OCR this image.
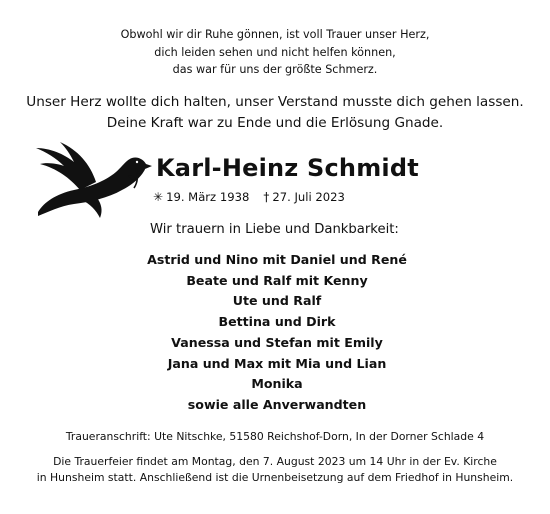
Obwohl wir dir Ruhe gönnen, ist voll Trauer unser Herz,
dich leiden sehen und nicht helfen können,
das war für uns der größte Schmerz.
Unser Herz wollte dich halten, unser Verstand musste dich gehen lassen.
Deine Kraft war zu Ende und die Erlösung Gnade.
Karl-Heinz Schmidt
✳ 19. März 1938 † 27. Juli 2023
Wir trauern in Liebe und Dankbarkeit:
Astrid und Nino mit Daniel und René
Beate und Ralf mit Kenny
Ute und Ralf
Bettina und Dirk
Vanessa und Stefan mit Emily
Jana und Max mit Mia und Lian
Monika
sowie alle Anverwandten
Traueranschrift: Ute Nitschke, 51580 Reichshof-Dorn, In der Dorner Schlade 4
Die Trauerfeier findet am Montag, den 7. August 2023 um 14 Uhr in der Ev. Kirche
in Hunsheim statt. Anschließend ist die Urnenbeisetzung auf dem Friedhof in Hunsheim.
